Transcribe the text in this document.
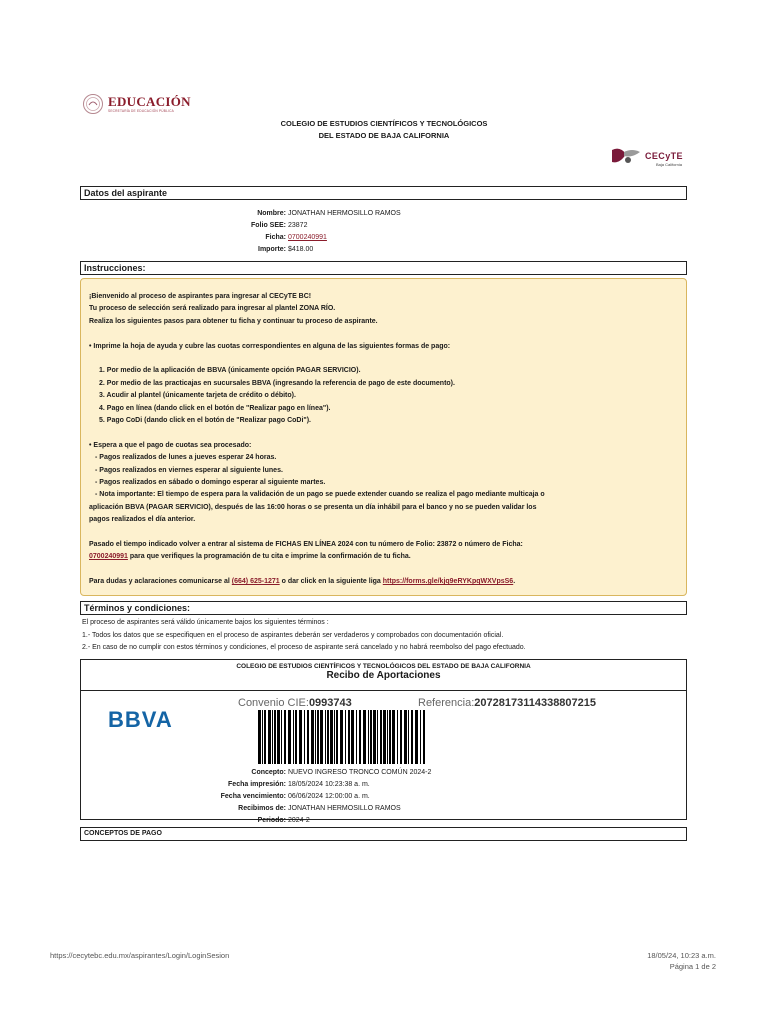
EDUCACIÓN
SECRETARÍA DE EDUCACIÓN PÚBLICA
COLEGIO DE ESTUDIOS CIENTÍFICOS Y TECNOLÓGICOS
DEL ESTADO DE BAJA CALIFORNIA
CECyTE
Baja California
Datos del aspirante
Nombre: JONATHAN HERMOSILLO RAMOS
Folio SEE: 23872
Ficha: 0700240991
Importe: $418.00
Instrucciones:

¡Bienvenido al proceso de aspirantes para ingresar al CECyTE BC!

Tu proceso de selección será realizado para ingresar al plantel ZONA RÍO.

Realiza los siguientes pasos para obtener tu ficha y continuar tu proceso de aspirante.

• Imprime la hoja de ayuda y cubre las cuotas correspondientes en alguna de las siguientes formas de pago:

1. Por medio de la aplicación de BBVA (únicamente opción PAGAR SERVICIO).

2. Por medio de las practicajas en sucursales BBVA (ingresando la referencia de pago de este documento).

3. Acudir al plantel (únicamente tarjeta de crédito o débito).

4. Pago en línea (dando click en el botón de "Realizar pago en línea").

5. Pago CoDi (dando click en el botón de "Realizar pago CoDi").

• Espera a que el pago de cuotas sea procesado:

- Pagos realizados de lunes a jueves esperar 24 horas.

- Pagos realizados en viernes esperar al siguiente lunes.

- Pagos realizados en sábado o domingo esperar al siguiente martes.

- Nota importante: El tiempo de espera para la validación de un pago se puede extender cuando se realiza el pago mediante multicaja o

aplicación BBVA (PAGAR SERVICIO), después de las 16:00 horas o se presenta un día inhábil para el banco y no se pueden validar los

pagos realizados el día anterior.

Pasado el tiempo indicado volver a entrar al sistema de FICHAS EN LÍNEA 2024 con tu número de Folio: 23872 o número de Ficha:

0700240991 para que verifiques la programación de tu cita e imprime la confirmación de tu ficha.

Para dudas y aclaraciones comunicarse al (664) 625-1271 o dar click en la siguiente liga https://forms.gle/kjq9eRYKpqWXVpsS6.

Términos y condiciones:
El proceso de aspirantes será válido únicamente bajos los siguientes términos :
1.- Todos los datos que se especifiquen en el proceso de aspirantes deberán ser verdaderos y comprobados con documentación oficial.
2.- En caso de no cumplir con estos términos y condiciones, el proceso de aspirante será cancelado y no habrá reembolso del pago efectuado.
COLEGIO DE ESTUDIOS CIENTÍFICOS Y TECNOLÓGICOS DEL ESTADO DE BAJA CALIFORNIA
Recibo de Aportaciones
BBVA
Convenio CIE:0993743	Referencia:20728173114338807215
Concepto: NUEVO INGRESO TRONCO COMÚN 2024-2
Fecha impresión: 18/05/2024 10:23:38 a. m.
Fecha vencimiento: 06/06/2024 12:00:00 a. m.
Recibimos de: JONATHAN HERMOSILLO RAMOS
Periodo: 2024-2
CONCEPTOS DE PAGO
https://cecytebc.edu.mx/aspirantes/Login/LoginSesion	18/05/24, 10:23 a.m.
Página 1 de 2
